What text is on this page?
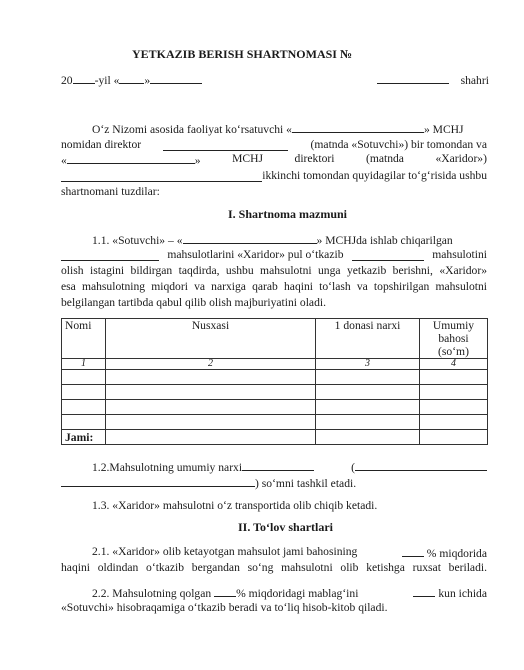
YETKAZIB BERISH SHARTNOMASI №
20 -yil « »	shahri
O‘z Nizomi asosida faoliyat ko‘rsatuvchi «	» MCHJ
nomidan direktor	(matnda «Sotuvchi») bir tomondan va
«	»	MCHJ	direktori	(matnda	«Xaridor»)
ikkinchi tomondan quyidagilar to‘g‘risida ushbu
shartnomani tuzdilar:
I. Shartnoma mazmuni
1.1. «Sotuvchi» – «	» MCHJda ishlab chiqarilgan
mahsulotlarini «Xaridor» pul o‘tkazib	mahsulotini
olish istagini bildirgan taqdirda, ushbu mahsulotni unga yetkazib berishni, «Xaridor»
esa mahsulotning miqdori va narxiga qarab haqini to‘lash va topshirilgan mahsulotni
belgilangan tartibda qabul qilib olish majburiyatini oladi.
Nomi	Nusxasi	1 donasi narxi	Umumiy bahosi (so‘m)
1	2	3	4

Jami:			
1.2.Mahsulotning umumiy narxi	(
) so‘mni tashkil etadi.
1.3. «Xaridor» mahsulotni o‘z transportida olib chiqib ketadi.
II. To‘lov shartlari
2.1. «Xaridor» olib ketayotgan mahsulot jami bahosining	% miqdorida
haqini oldindan o‘tkazib bergandan so‘ng mahsulotni olib ketishga ruxsat beriladi.
2.2. Mahsulotning qolgan % miqdoridagi mablag‘ini	kun ichida
«Sotuvchi» hisobraqamiga o‘tkazib beradi va to‘liq hisob-kitob qiladi.
